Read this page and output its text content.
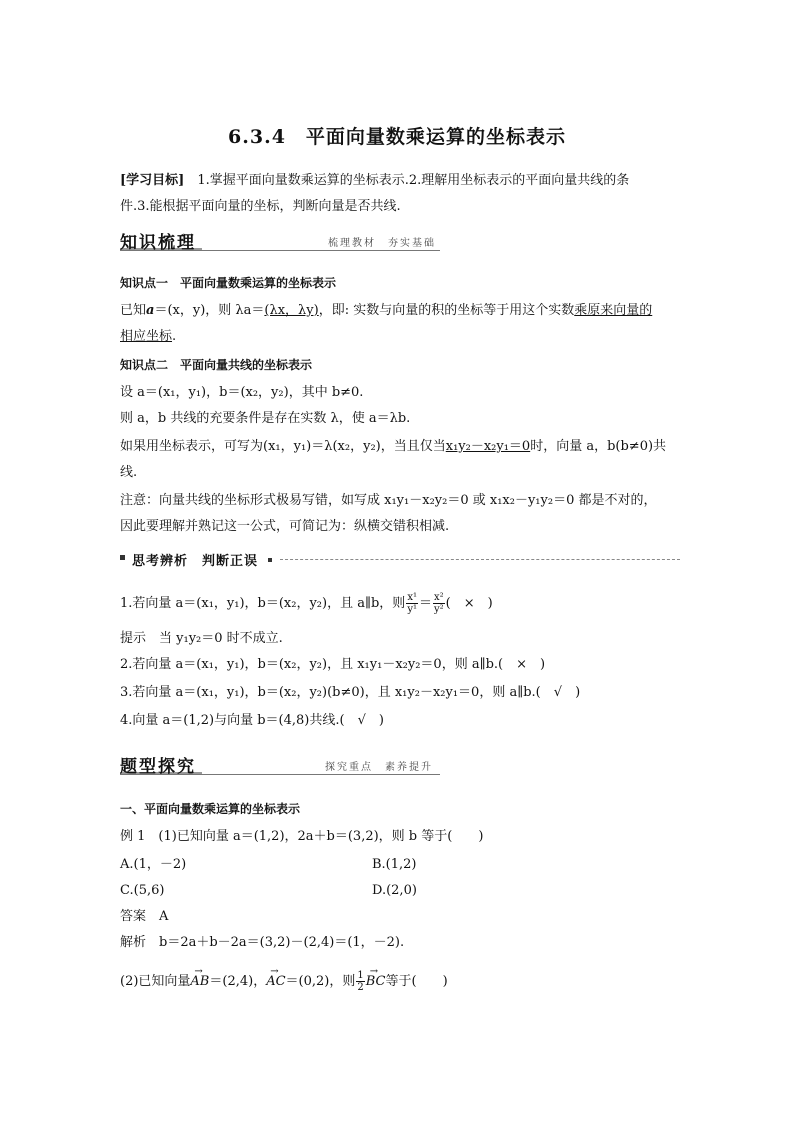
6.3.4　平面向量数乘运算的坐标表示
[学习目标]　1.掌握平面向量数乘运算的坐标表示.2.理解用坐标表示的平面向量共线的条
件.3.能根据平面向量的坐标，判断向量是否共线.
知识梳理	梳理教材　夯实基础
知识点一　平面向量数乘运算的坐标表示
已知a＝(x，y)，则 λa＝(λx，λy)，即: 实数与向量的积的坐标等于用这个实数乘原来向量的
相应坐标.
知识点二　平面向量共线的坐标表示
设 a＝(x₁，y₁)，b＝(x₂，y₂)，其中 b≠0.
则 a，b 共线的充要条件是存在实数 λ，使 a＝λb.
如果用坐标表示，可写为(x₁，y₁)＝λ(x₂，y₂)，当且仅当x₁y₂－x₂y₁＝0时，向量 a，b(b≠0)共
线.
注意：向量共线的坐标形式极易写错，如写成 x₁y₁－x₂y₂＝0 或 x₁x₂－y₁y₂＝0 都是不对的，
因此要理解并熟记这一公式，可简记为：纵横交错积相减.
思考辨析　判断正误
1.若向量 a＝(x₁，y₁)，b＝(x₂，y₂)，且 a∥b，则 $\frac{\text{x¹}}{\text{y¹}} = \frac{\text{x²}}{\text{y²}}$ (　×　)
提示　当 y₁y₂＝0 时不成立.
2.若向量 a＝(x₁，y₁)，b＝(x₂，y₂)，且 x₁y₁－x₂y₂＝0，则 a∥b.(　×　)
3.若向量 a＝(x₁，y₁)，b＝(x₂，y₂)(b≠0)，且 x₁y₂－x₂y₁＝0，则 a∥b.(　 √　 )
4.向量 a＝(1,2)与向量 b＝(4,8)共线.(　 √　 )
题型探究	探究重点　素养提升
一、平面向量数乘运算的坐标表示
例 1　(1)已知向量 a＝(1,2)，2a＋b＝(3,2)，则 b 等于(　　)
A.(1，－2)	B.(1,2)
C.(5,6)	D.(2,0)
答案　A
解析　b＝2a＋b－2a＝(3,2)－(2,4)＝(1，－2).
(2)已知向量→ AB＝(2,4)，→ AC＝(0,2)，则 $\frac{1}{2}$
→ BC等于(　　)
